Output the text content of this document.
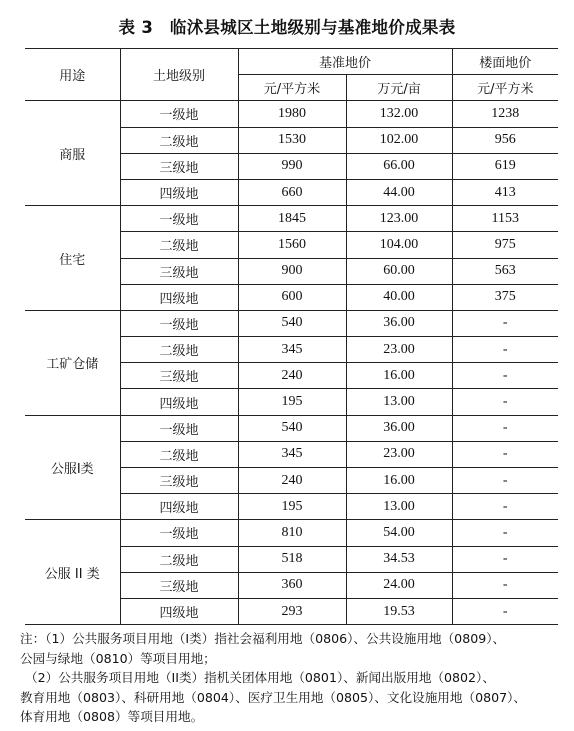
表 3　临沭县城区土地级别与基准地价成果表
用途	土地级别	基准地价		楼面地价
		元/平方米	万元/亩	元/平方米
商服	一级地	1980	132.00	1238
	二级地	1530	102.00	956
	三级地	990	66.00	619
	四级地	660	44.00	413
住宅	一级地	1845	123.00	1153
	二级地	1560	104.00	975
	三级地	900	60.00	563
	四级地	600	40.00	375
工矿仓储	一级地	540	36.00	-
	二级地	345	23.00	-
	三级地	240	16.00	-
	四级地	195	13.00	-
公服Ⅰ类	一级地	540	36.00	-
	二级地	345	23.00	-
	三级地	240	16.00	-
	四级地	195	13.00	-
公服 II 类	一级地	810	54.00	-
	二级地	518	34.53	-
	三级地	360	24.00	-
	四级地	293	19.53	-

注：（1）公共服务项目用地（I类）指社会福利用地（0806）、公共设施用地（0809）、

公园与绿地（0810）等项目用地；

（2）公共服务项目用地（II类）指机关团体用地（0801）、新闻出版用地（0802）、

教育用地（0803）、科研用地（0804）、医疗卫生用地（0805）、文化设施用地（0807）、

体育用地（0808）等项目用地。
